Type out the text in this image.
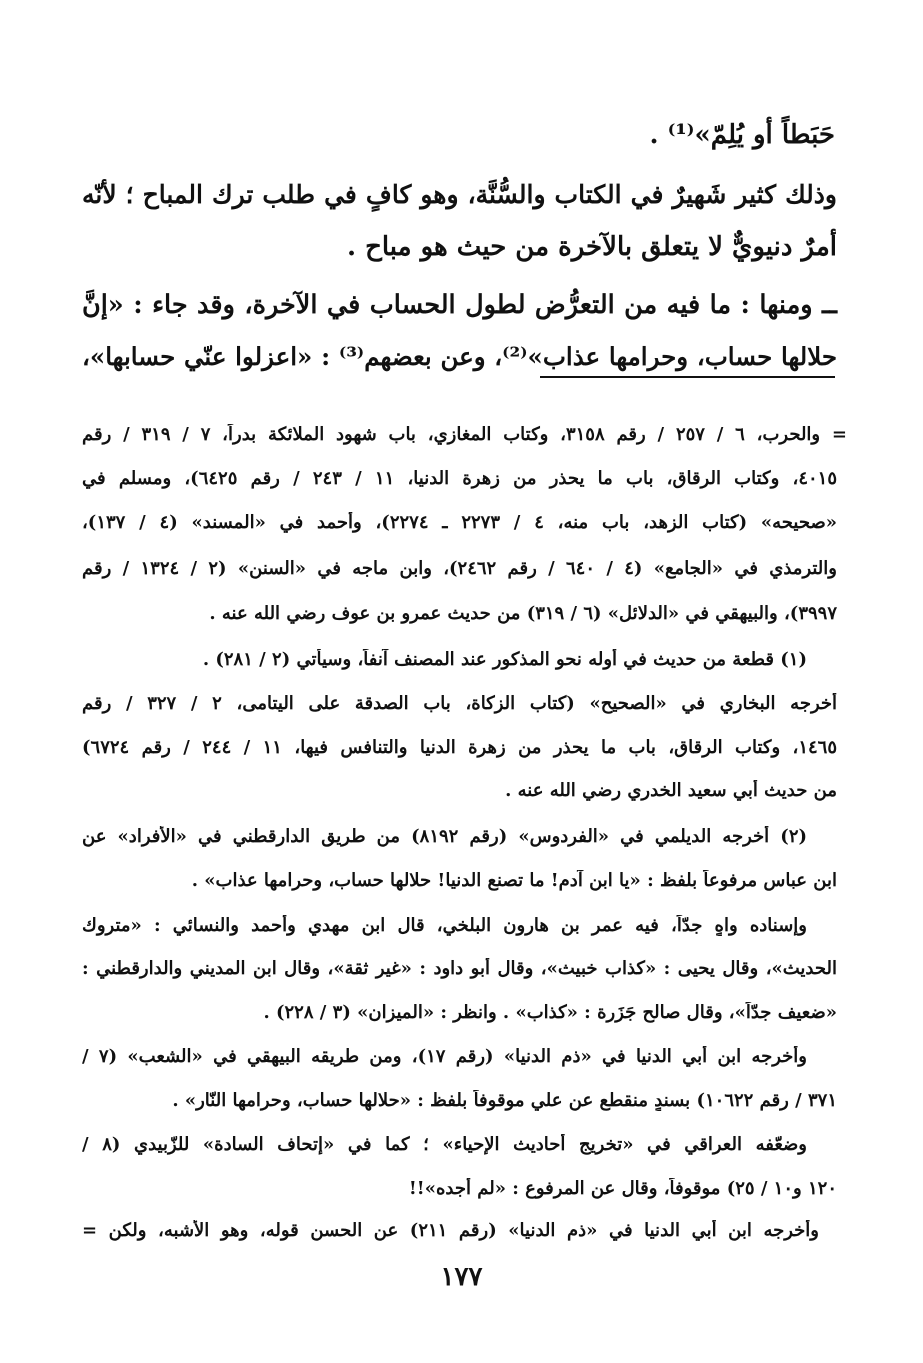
حَبَطاً أو يُلِمّ»⁽¹⁾ .
وذلك كثير شَهيرٌ في الكتاب والسُّنَّة، وهو كافٍ في طلب ترك المباح ؛ لأنّه
أمرٌ دنيويٌّ لا يتعلق بالآخرة من حيث هو مباح .
ــ ومنها : ما فيه من التعرُّض لطول الحساب في الآخرة، وقد جاء : «إنَّ
حلالها حساب، وحرامها عذاب»⁽²⁾، وعن بعضهم⁽³⁾ : «اعزلوا عنّي حسابها»،
= والحرب، ٦ / ٢٥٧ / رقم ٣١٥٨، وكتاب المغازي، باب شهود الملائكة بدراً، ٧ / ٣١٩ / رقم
٤٠١٥، وكتاب الرقاق، باب ما يحذر من زهرة الدنيا، ١١ / ٢٤٣ / رقم ٦٤٢٥)، ومسلم في
«صحيحه» (كتاب الزهد، باب منه، ٤ / ٢٢٧٣ ـ ٢٢٧٤)، وأحمد في «المسند» (٤ / ١٣٧)،
والترمذي في «الجامع» (٤ / ٦٤٠ / رقم ٢٤٦٢)، وابن ماجه في «السنن» (٢ / ١٣٢٤ / رقم
٣٩٩٧)، والبيهقي في «الدلائل» (٦ / ٣١٩) من حديث عمرو بن عوف رضي الله عنه .
(١) قطعة من حديث في أوله نحو المذكور عند المصنف آنفاً، وسيأتي (٢ / ٢٨١) .
أخرجه البخاري في «الصحيح» (كتاب الزكاة، باب الصدقة على اليتامى، ٢ / ٣٢٧ / رقم
١٤٦٥، وكتاب الرقاق، باب ما يحذر من زهرة الدنيا والتنافس فيها، ١١ / ٢٤٤ / رقم ٦٧٢٤)
من حديث أبي سعيد الخدري رضي الله عنه .
(٢) أخرجه الديلمي في «الفردوس» (رقم ٨١٩٢) من طريق الدارقطني في «الأفراد» عن
ابن عباس مرفوعاً بلفظ : «يا ابن آدم! ما تصنع الدنيا! حلالها حساب، وحرامها عذاب» .
وإسناده واهٍ جدّاً، فيه عمر بن هارون البلخي، قال ابن مهدي وأحمد والنسائي : «متروك
الحديث»، وقال يحيى : «كذاب خبيث»، وقال أبو داود : «غير ثقة»، وقال ابن المديني والدارقطني :
«ضعيف جدّاً»، وقال صالح جَزَرة : «كذاب» . وانظر : «الميزان» (٣ / ٢٢٨) .
وأخرجه ابن أبي الدنيا في «ذم الدنيا» (رقم ١٧)، ومن طريقه البيهقي في «الشعب» (٧ /
٣٧١ / رقم ١٠٦٢٢) بسندٍ منقطع عن علي موقوفاً بلفظ : «حلالها حساب، وحرامها النّار» .
وضعّفه العراقي في «تخريج أحاديث الإحياء» ؛ كما في «إتحاف السادة» للزّبيدي (٨ /
١٢٠ و١٠ / ٢٥) موقوفاً، وقال عن المرفوع : «لم أجده»!!
وأخرجه ابن أبي الدنيا في «ذم الدنيا» (رقم ٢١١) عن الحسن قوله، وهو الأشبه، ولكن =
١٧٧
